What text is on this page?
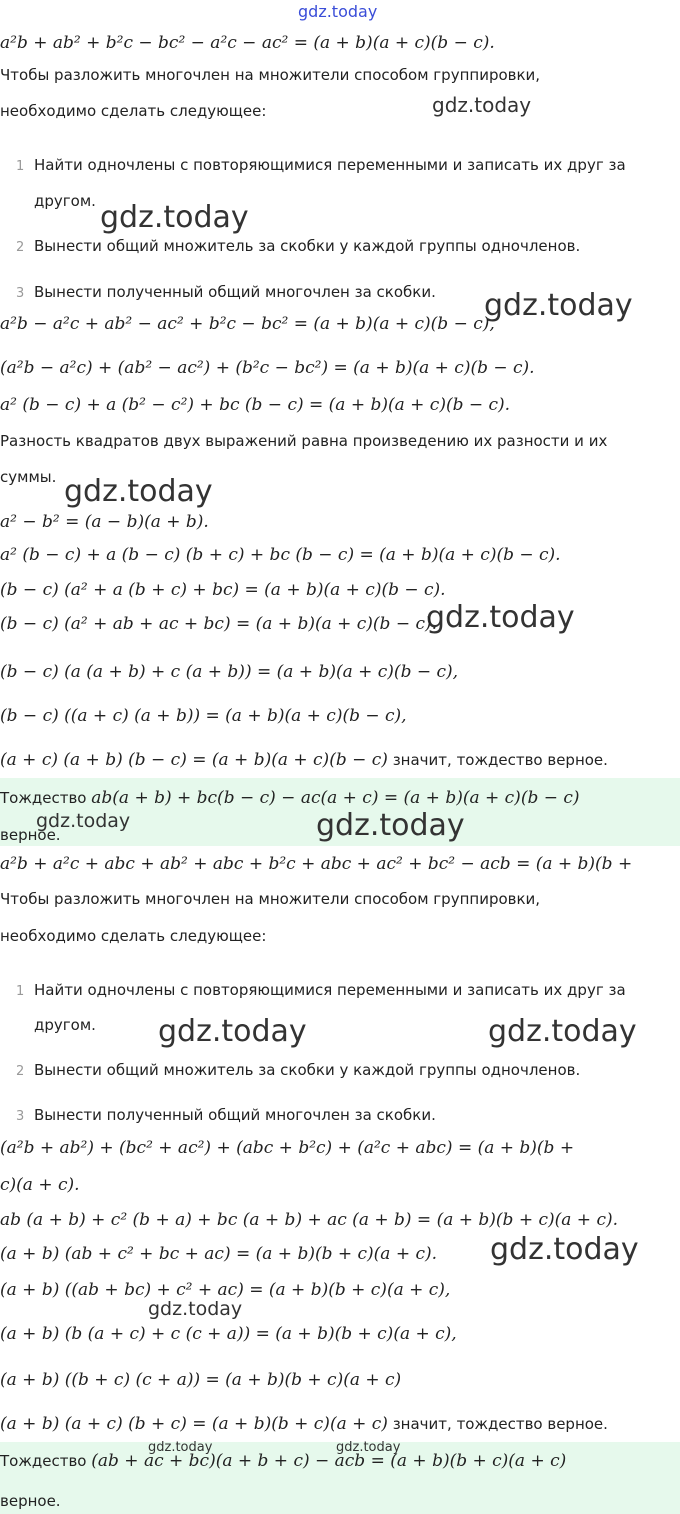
gdz.today
gdz.today
gdz.today
gdz.today
gdz.today
gdz.today
a²b + ab² + b²c − bc² − a²c − ac² = (a + b)(a + c)(b − c).
Чтобы разложить многочлен на множители способом группировки,
необходимо сделать следующее:
1 Найти одночлены с повторяющимися переменными и записать их друг за
другом.
2 Вынести общий множитель за скобки у каждой группы одночленов.
3 Вынести полученный общий многочлен за скобки.
a²b − a²c + ab² − ac² + b²c − bc² = (a + b)(a + c)(b − c),
(a²b − a²c) + (ab² − ac²) + (b²c − bc²) = (a + b)(a + c)(b − c).
a² (b − c) + a (b² − c²) + bc (b − c) = (a + b)(a + c)(b − c).
Разность квадратов двух выражений равна произведению их разности и их
суммы.
a² − b² = (a − b)(a + b).
a² (b − c) + a (b − c) (b + c) + bc (b − c) = (a + b)(a + c)(b − c).
(b − c) (a² + a (b + c) + bc) = (a + b)(a + c)(b − c).
(b − c) (a² + ab + ac + bc) = (a + b)(a + c)(b − c).
(b − c) (a (a + b) + c (a + b)) = (a + b)(a + c)(b − c),
(b − c) ((a + c) (a + b)) = (a + b)(a + c)(b − c),
(a + c) (a + b) (b − c) = (a + b)(a + c)(b − c) значит, тождество верное.
Тождество ab(a + b) + bc(b − c) − ac(a + c) = (a + b)(a + c)(b − c)
верное.
gdz.today	gdz.today
a²b + a²c + abc + ab² + abc + b²c + abc + ac² + bc² − acb = (a + b)(b +
Чтобы разложить многочлен на множители способом группировки,
необходимо сделать следующее:
1 Найти одночлены с повторяющимися переменными и записать их друг за
другом. gdz.today	gdz.today
2 Вынести общий множитель за скобки у каждой группы одночленов.
3 Вынести полученный общий многочлен за скобки.
(a²b + ab²) + (bc² + ac²) + (abc + b²c) + (a²c + abc) = (a + b)(b +
c)(a + c).
ab (a + b) + c² (b + a) + bc (a + b) + ac (a + b) = (a + b)(b + c)(a + c).
(a + b) (ab + c² + bc + ac) = (a + b)(b + c)(a + c). gdz.today
(a + b) ((ab + bc) + c² + ac) = (a + b)(b + c)(a + c),
gdz.today
(a + b) (b (a + c) + c (c + a)) = (a + b)(b + c)(a + c),
(a + b) ((b + c) (c + a)) = (a + b)(b + c)(a + c)
(a + b) (a + c) (b + c) = (a + b)(b + c)(a + c) значит, тождество верное.
Тождество (ab + ac + bc)(a + b + c) − acb = (a + b)(b + c)(a + c)
верное.
gdz.today	gdz.today
